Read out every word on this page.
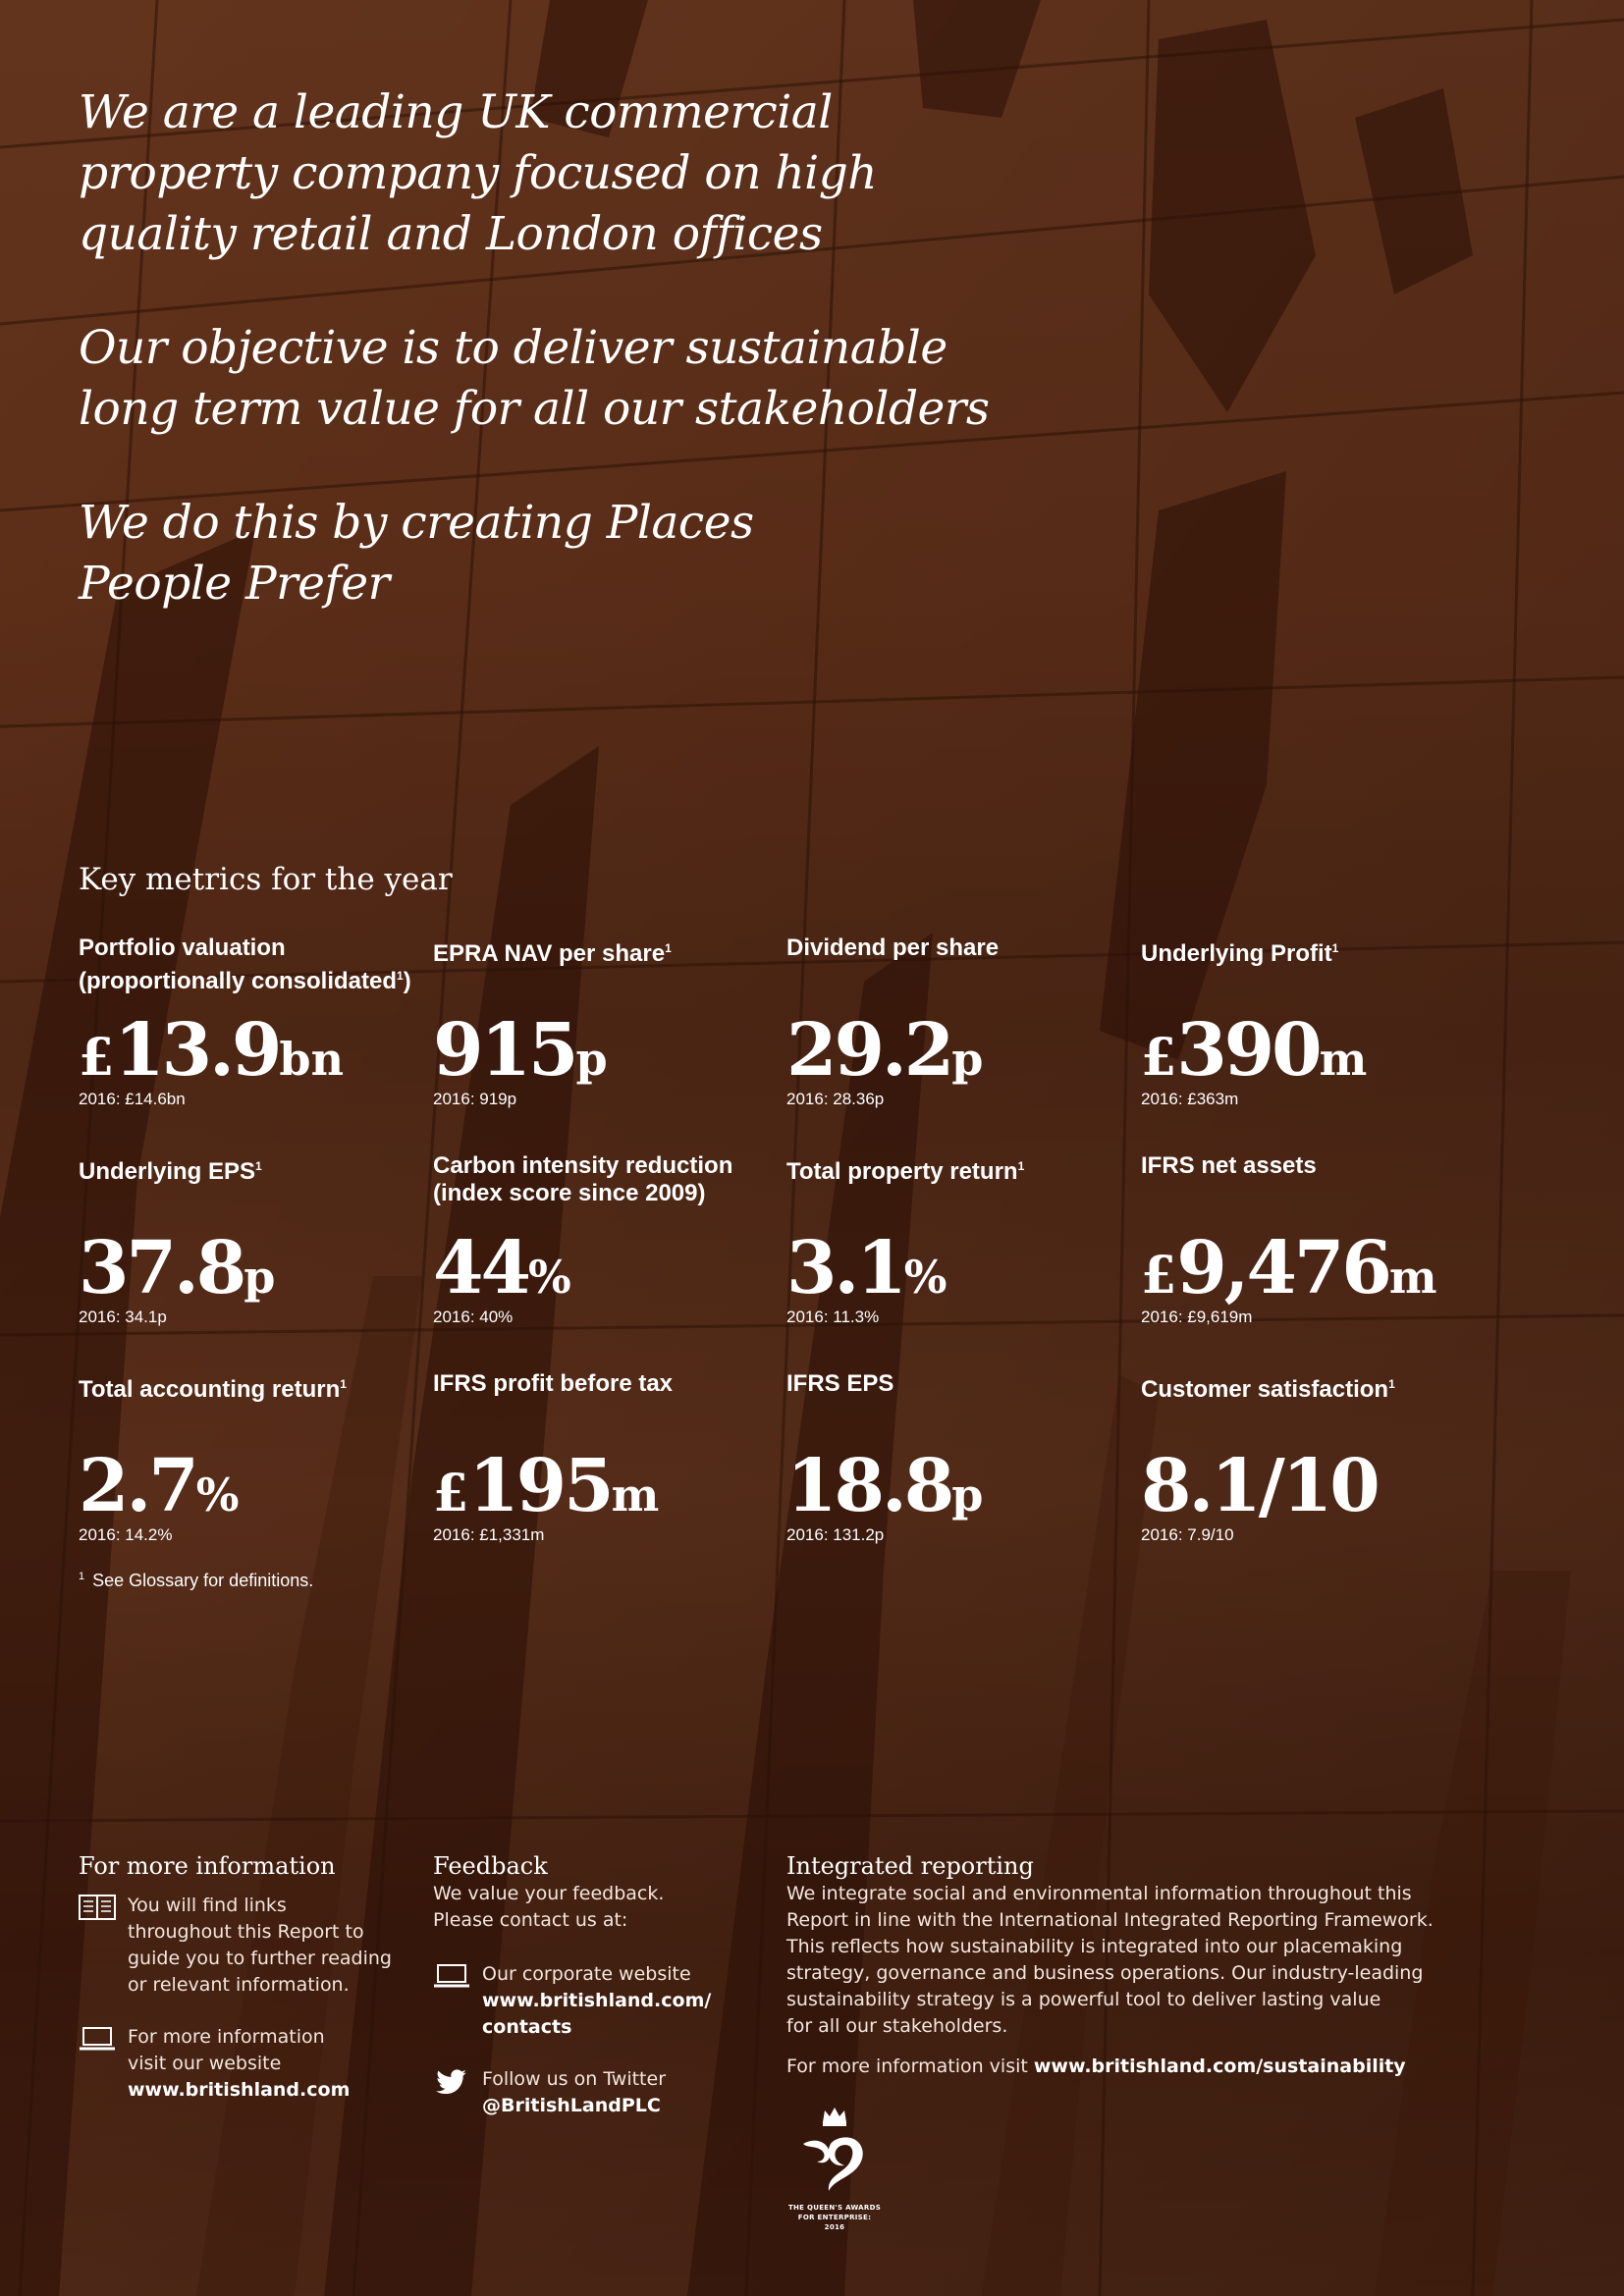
We are a leading UK commercial
property company focused on high
quality retail and London offices

Our objective is to deliver sustainable
long term value for all our stakeholders

We do this by creating Places
People Prefer

Key metrics for the year
Portfolio valuation
(proportionally consolidated$^1$)
£13.9bn
2016: £14.6bn
EPRA NAV per share$^1$
915p
2016: 919p
Dividend per share
29.2p
2016: 28.36p
Underlying Profit$^1$
£390m
2016: £363m
Underlying EPS$^1$
37.8p
2016: 34.1p
Carbon intensity reduction
(index score since 2009)
44%
2016: 40%
Total property return$^1$
3.1%
2016: 11.3%
IFRS net assets
£9,476m
2016: £9,619m
Total accounting return$^1$
2.7%
2016: 14.2%
IFRS profit before tax
£195m
2016: £1,331m
IFRS EPS
18.8p
2016: 131.2p
Customer satisfaction$^1$
8.1/10
2016: 7.9/10
$^1$ See Glossary for definitions.
For more information
You will find links
throughout this Report to
guide you to further reading
or relevant information.
For more information
visit our website
www.britishland.com
Feedback
We value your feedback.
Please contact us at:
Our corporate website
www.britishland.com/
contacts
Follow us on Twitter
@BritishLandPLC
Integrated reporting
We integrate social and environmental information throughout this
Report in line with the International Integrated Reporting Framework.
This reflects how sustainability is integrated into our placemaking
strategy, governance and business operations. Our industry-leading
sustainability strategy is a powerful tool to deliver lasting value
for all our stakeholders.
For more information visit www.britishland.com/sustainability
THE QUEEN'S AWARDS
FOR ENTERPRISE:
2016
